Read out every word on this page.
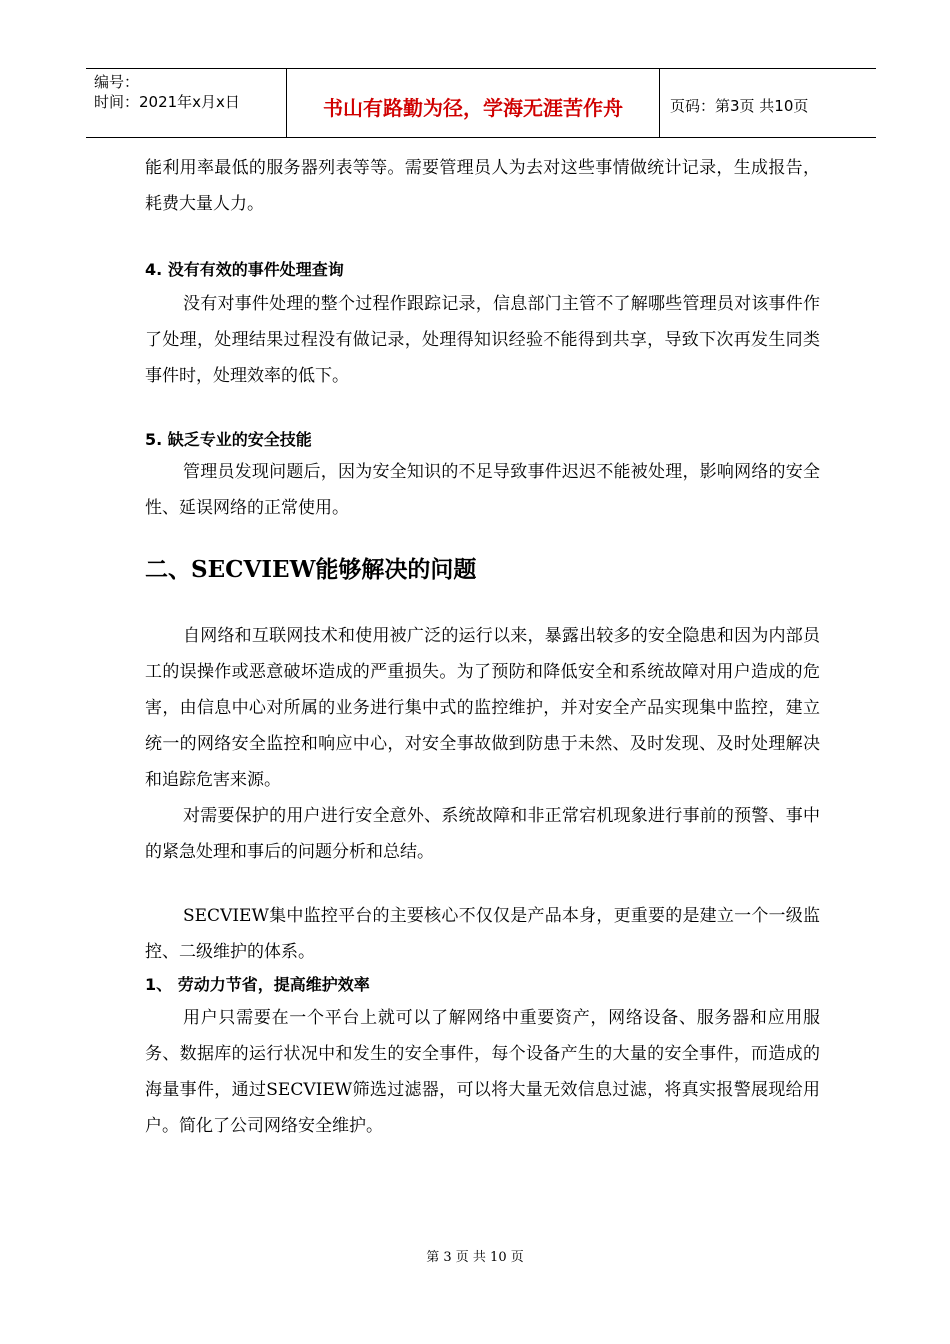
编号：
时间：2021年x月x日	书山有路勤为径，学海无涯苦作舟	页码：第3页 共10页

能利用率最低的服务器列表等等。需要管理员人为去对这些事情做统计记录，生成报告，耗费大量人力。

4. 没有有效的事件处理查询

没有对事件处理的整个过程作跟踪记录，信息部门主管不了解哪些管理员对该事件作了处理，处理结果过程没有做记录，处理得知识经验不能得到共享，导致下次再发生同类事件时，处理效率的低下。

5. 缺乏专业的安全技能

管理员发现问题后，因为安全知识的不足导致事件迟迟不能被处理，影响网络的安全性、延误网络的正常使用。

二、SECVIEW能够解决的问题

自网络和互联网技术和使用被广泛的运行以来，暴露出较多的安全隐患和因为内部员工的误操作或恶意破坏造成的严重损失。为了预防和降低安全和系统故障对用户造成的危害，由信息中心对所属的业务进行集中式的监控维护，并对安全产品实现集中监控，建立统一的网络安全监控和响应中心，对安全事故做到防患于未然、及时发现、及时处理解决和追踪危害来源。

对需要保护的用户进行安全意外、系统故障和非正常宕机现象进行事前的预警、事中的紧急处理和事后的问题分析和总结。

SECVIEW集中监控平台的主要核心不仅仅是产品本身，更重要的是建立一个一级监控、二级维护的体系。

1、 劳动力节省，提高维护效率

用户只需要在一个平台上就可以了解网络中重要资产，网络设备、服务器和应用服务、数据库的运行状况中和发生的安全事件，每个设备产生的大量的安全事件，而造成的海量事件，通过SECVIEW筛选过滤器，可以将大量无效信息过滤，将真实报警展现给用户。简化了公司网络安全维护。

第 3 页 共 10 页
